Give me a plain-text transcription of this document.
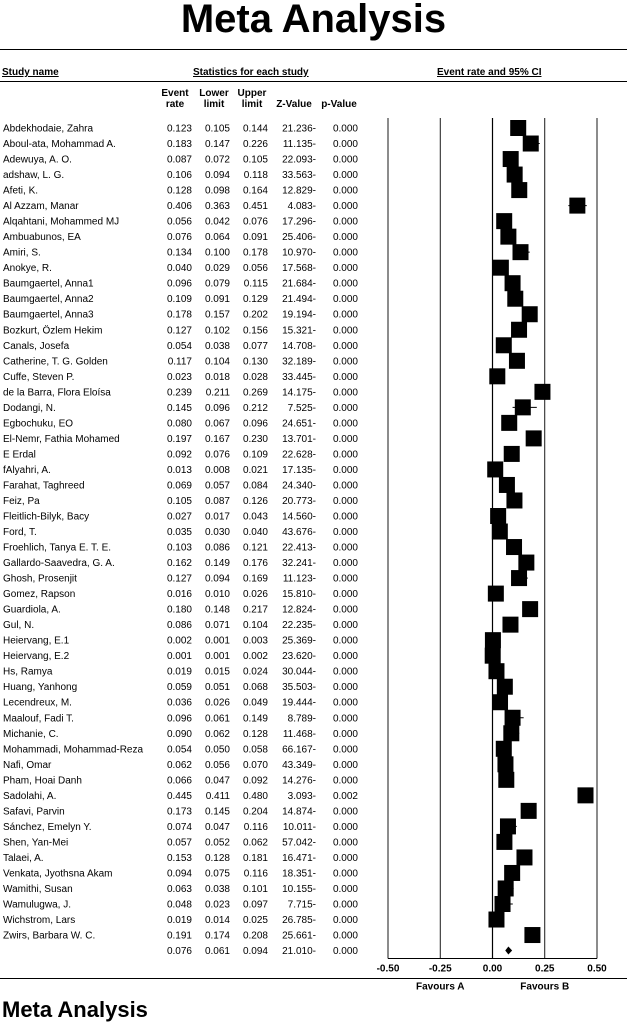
Meta Analysis
Study name	Statistics for each study	Event rate and 95% CI
Event rate
Lower limit
Upper limit	Z-Value p-Value
Abdekhodaie, Zahra	0.123 0.105 0.144 21.236- 0.000
Aboul-ata, Mohammad A.	0.183 0.147 0.226 11.135- 0.000
Adewuya, A. O.	0.087 0.072 0.105 22.093- 0.000
adshaw, L. G.	0.106 0.094 0.118 33.563- 0.000
Afeti, K.	0.128 0.098 0.164 12.829- 0.000
Al Azzam, Manar	0.406 0.363 0.451 4.083- 0.000
Alqahtani, Mohammed MJ	0.056 0.042 0.076 17.296- 0.000
Ambuabunos, EA	0.076 0.064 0.091 25.406- 0.000
Amiri, S.	0.134 0.100 0.178 10.970- 0.000
Anokye, R.	0.040 0.029 0.056 17.568- 0.000
Baumgaertel, Anna1	0.096 0.079 0.115 21.684- 0.000
Baumgaertel, Anna2	0.109 0.091 0.129 21.494- 0.000
Baumgaertel, Anna3	0.178 0.157 0.202 19.194- 0.000
Bozkurt, Özlem Hekim	0.127 0.102 0.156 15.321- 0.000
Canals, Josefa	0.054 0.038 0.077 14.708- 0.000
Catherine, T. G. Golden	0.117 0.104 0.130 32.189- 0.000
Cuffe, Steven P.	0.023 0.018 0.028 33.445- 0.000
de la Barra, Flora Eloísa	0.239 0.211 0.269 14.175- 0.000
Dodangi, N.	0.145 0.096 0.212 7.525- 0.000
Egbochuku, EO	0.080 0.067 0.096 24.651- 0.000
El-Nemr, Fathia Mohamed	0.197 0.167 0.230 13.701- 0.000
E Erdal	0.092 0.076 0.109 22.628- 0.000
fAlyahri, A.	0.013 0.008 0.021 17.135- 0.000
Farahat, Taghreed	0.069 0.057 0.084 24.340- 0.000
Feiz, Pa	0.105 0.087 0.126 20.773- 0.000
Fleitlich-Bilyk, Bacy	0.027 0.017 0.043 14.560- 0.000
Ford, T.	0.035 0.030 0.040 43.676- 0.000
Froehlich, Tanya E. T. E.	0.103 0.086 0.121 22.413- 0.000
Gallardo-Saavedra, G. A.	0.162 0.149 0.176 32.241- 0.000
Ghosh, Prosenjit	0.127 0.094 0.169 11.123- 0.000
Gomez, Rapson	0.016 0.010 0.026 15.810- 0.000
Guardiola, A.	0.180 0.148 0.217 12.824- 0.000
Gul, N.	0.086 0.071 0.104 22.235- 0.000
Heiervang, E.1	0.002 0.001 0.003 25.369- 0.000
Heiervang, E.2	0.001 0.001 0.002 23.620- 0.000
Hs, Ramya	0.019 0.015 0.024 30.044- 0.000
Huang, Yanhong	0.059 0.051 0.068 35.503- 0.000
Lecendreux, M.	0.036 0.026 0.049 19.444- 0.000
Maalouf, Fadi T.	0.096 0.061 0.149 8.789- 0.000
Michanie, C.	0.090 0.062 0.128 11.468- 0.000
Mohammadi, Mohammad-Reza 0.054 0.050 0.058 66.167- 0.000
Nafi, Omar	0.062 0.056 0.070 43.349- 0.000
Pham, Hoai Danh	0.066 0.047 0.092 14.276- 0.000
Sadolahi, A.	0.445 0.411 0.480 3.093- 0.002
Safavi, Parvin	0.173 0.145 0.204 14.874- 0.000
Sánchez, Emelyn Y.	0.074 0.047 0.116 10.011- 0.000
Shen, Yan-Mei	0.057 0.052 0.062 57.042- 0.000
Talaei, A.	0.153 0.128 0.181 16.471- 0.000
Venkata, Jyothsna Akam	0.094 0.075 0.116 18.351- 0.000
Wamithi, Susan	0.063 0.038 0.101 10.155- 0.000
Wamulugwa, J.	0.048 0.023 0.097 7.715- 0.000
Wichstrom, Lars	0.019 0.014 0.025 26.785- 0.000
Zwirs, Barbara W. C.	0.191 0.174 0.208 25.661- 0.000
0.076 0.061 0.094 21.010- 0.000
-0.50	-0.25	0.00	0.25	0.50
Favours A	Favours B
Meta Analysis
